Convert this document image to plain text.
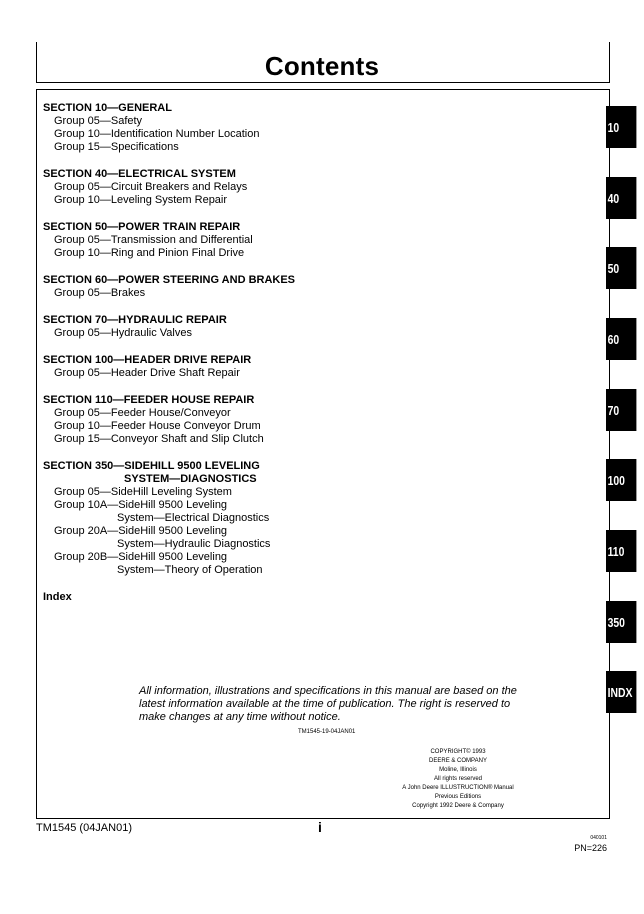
Contents
SECTION 10—GENERAL
Group 05—Safety
Group 10—Identification Number Location
Group 15—Specifications
SECTION 40—ELECTRICAL SYSTEM
Group 05—Circuit Breakers and Relays
Group 10—Leveling System Repair
SECTION 50—POWER TRAIN REPAIR
Group 05—Transmission and Differential
Group 10—Ring and Pinion Final Drive
SECTION 60—POWER STEERING AND BRAKES
Group 05—Brakes
SECTION 70—HYDRAULIC REPAIR
Group 05—Hydraulic Valves
SECTION 100—HEADER DRIVE REPAIR
Group 05—Header Drive Shaft Repair
SECTION 110—FEEDER HOUSE REPAIR
Group 05—Feeder House/Conveyor
Group 10—Feeder House Conveyor Drum
Group 15—Conveyor Shaft and Slip Clutch
SECTION 350—SIDEHILL 9500 LEVELING
SYSTEM—DIAGNOSTICS
Group 05—SideHill Leveling System
Group 10A—SideHill 9500 Leveling
System—Electrical Diagnostics
Group 20A—SideHill 9500 Leveling
System—Hydraulic Diagnostics
Group 20B—SideHill 9500 Leveling
System—Theory of Operation
Index
All information, illustrations and specifications in this manual are based on the latest information available at the time of publication. The right is reserved to make changes at any time without notice.
TM1545-19-04JAN01
COPYRIGHT© 1993
DEERE & COMPANY
Moline, Illinois
All rights reserved
A John Deere ILLUSTRUCTION® Manual
Previous Editions
Copyright 1992 Deere & Company
TM1545 (04JAN01)	i
040101
PN=226
10
40
50
60
70
100
110
350
INDX
